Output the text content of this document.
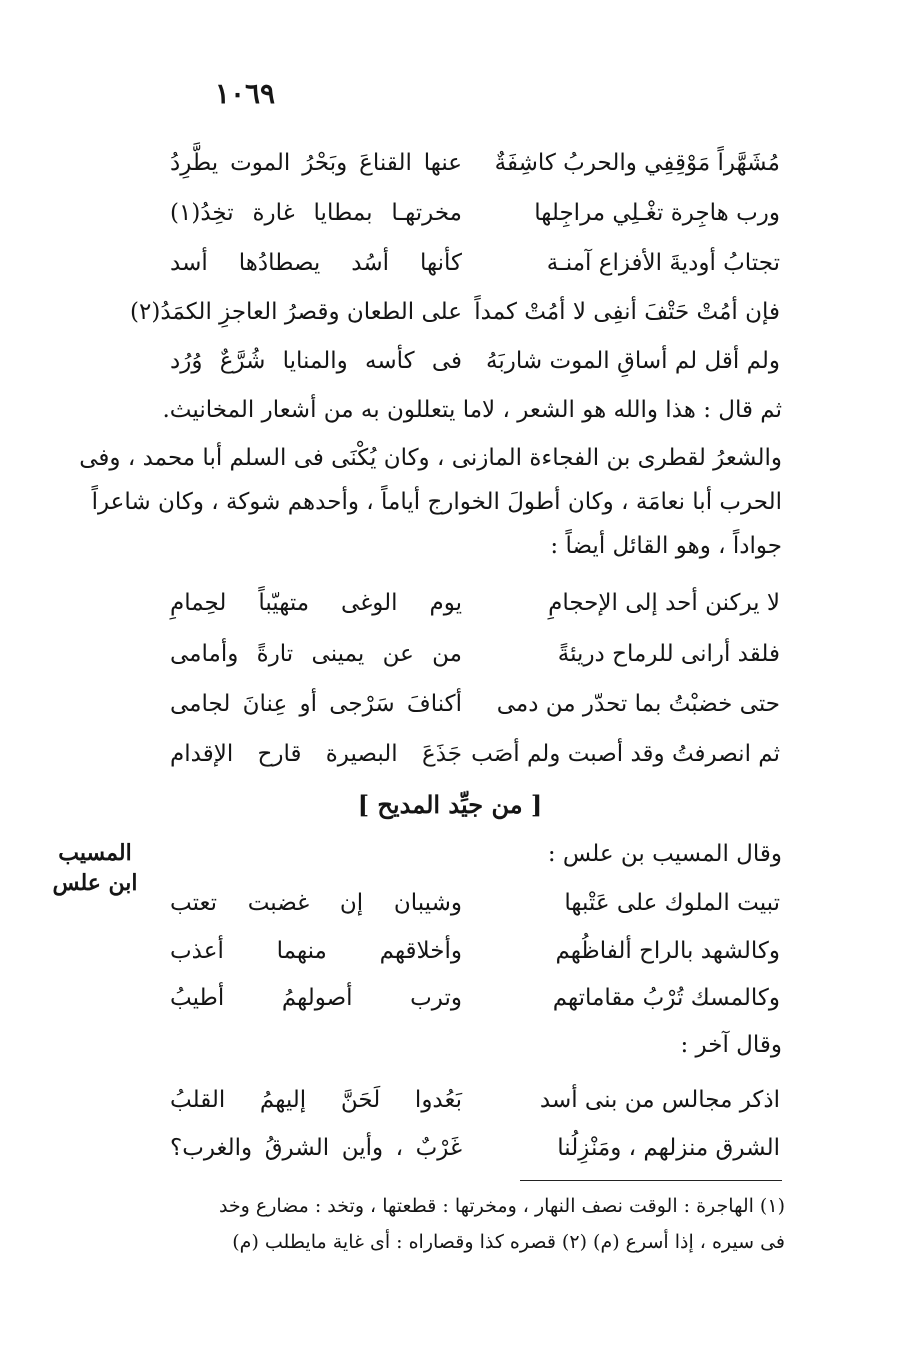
١٠٦٩
مُشَهَّراً مَوْقِفِي والحربُ كاشِفَةٌ
عنها القناعَ وبَحْرُ الموت يطَّرِدُ
ورب هاجِرة تغْـلِي مراجِلها
مخرتهـا بمطايا غارة تخِدُ(١)
تجتابُ أوديةَ الأفزاع آمنـة
كأنها أسُد يصطادُها أسد
فإن أمُتْ حَتْفَ أنفِى لا أمُتْ كمداً
على الطعان وقصرُ العاجزِ الكمَدُ(٢)
ولم أقل لم أساقِ الموت شاربَهُ
فى كأسه والمنايا شُرَّعٌ وُرُد
ثم قال : هذا والله هو الشعر ، لاما يتعللون به من أشعار المخانيث.
والشعرُ لقطرى بن الفجاءة المازنى ، وكان يُكْنَى فى السلم أبا محمد ، وفى
الحرب أبا نعامَة ، وكان أطولَ الخوارج أياماً ، وأحدهم شوكة ، وكان شاعراً
جواداً ، وهو القائل أيضاً :
لا يركنن أحد إلى الإحجامِ
يوم الوغى متهيّباً لحِمامِ
فلقد أرانى للرماح دريئةً
من عن يمينى تارةً وأمامى
حتى خضبْتُ بما تحدّر من دمى
أكنافَ سَرْجى أو عِنانَ لجامى
ثم انصرفتُ وقد أصبت ولم أصَب
جَذَعَ البصيرة قارح الإقدام
[ من جيِّد المديح ]
المسيب
ابن علس
وقال المسيب بن علس :
تبيت الملوك على عَتْبها
وشيبان إن غضبت تعتب
وكالشهد بالراح ألفاظُهم
وأخلاقهم منهما أعذب
وكالمسك تُرْبُ مقاماتهم
وترب أصولهمُ أطيبُ
وقال آخر :
اذكر مجالس من بنى أسد
بَعُدوا لَحَنَّ إليهمُ القلبُ
الشرق منزلهم ، ومَنْزِلُنا
غَرْبٌ ، وأين الشرقُ والغرب؟
(١) الهاجرة : الوقت نصف النهار ، ومخرتها : قطعتها ، وتخد : مضارع وخد
فى سيره ، إذا أسرع (م) (٢) قصره كذا وقصاراه : أى غاية مايطلب (م)
